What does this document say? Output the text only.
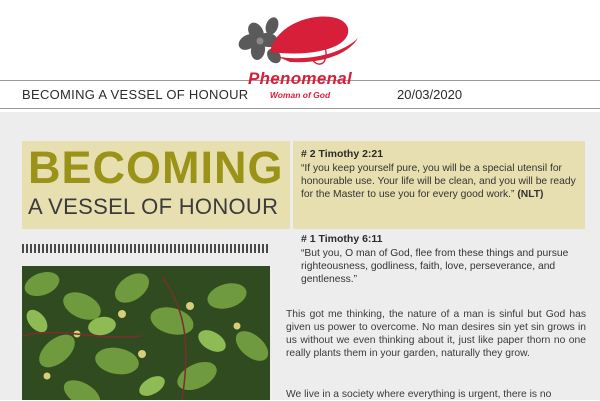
BECOMING A VESSEL OF HONOUR	20/03/2020
Phenomenal
Woman of God
BECOMING
A VESSEL OF HONOUR
# 2 Timothy 2:21
“If you keep yourself pure, you will be a special utensil for honourable use. Your life will be clean, and you will be ready for the Master to use you for every good work.” (NLT)
# 1 Timothy 6:11
“But you, O man of God, flee from these things and pursue righteousness, godliness, faith, love, perseverance, and gentleness.”
This got me thinking, the nature of a man is sinful but God has given us power to overcome. No man desires sin yet sin grows in us without we even thinking about it, just like paper thorn no one really plants them in your garden, naturally they grow.
We live in a society where everything is urgent, there is no
